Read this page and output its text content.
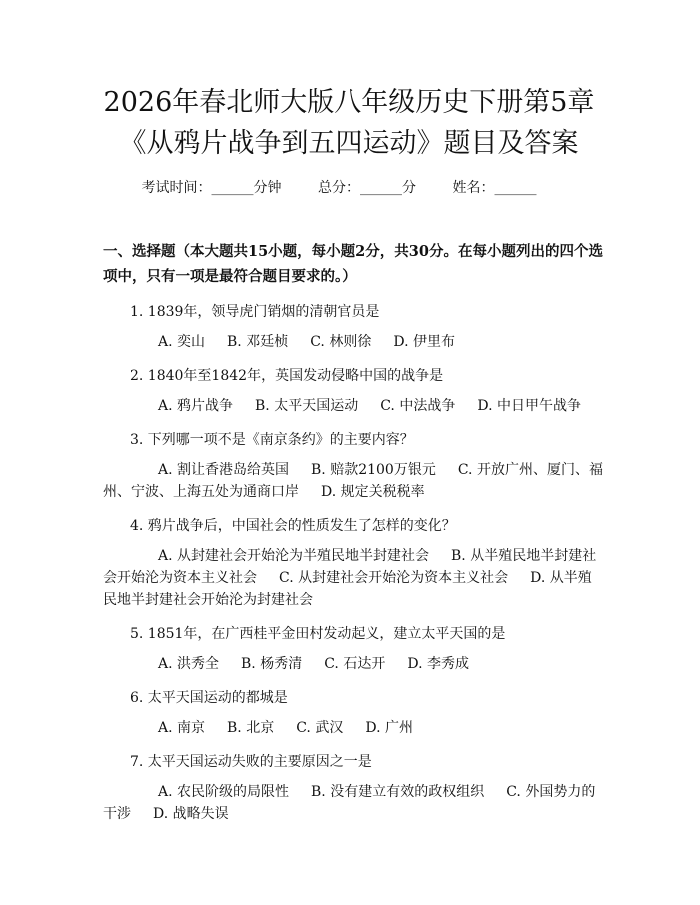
2026年春北师大版八年级历史下册第5章
《从鸦片战争到五四运动》题目及答案
考试时间：______分钟	总分：______分	姓名：______
一、选择题（本大题共15小题，每小题2分，共30分。在每小题列出的四个选项中，只有一项是最符合题目要求的。）
1. 1839年，领导虎门销烟的清朝官员是
A. 奕山 B. 邓廷桢 C. 林则徐 D. 伊里布
2. 1840年至1842年，英国发动侵略中国的战争是
A. 鸦片战争 B. 太平天国运动 C. 中法战争 D. 中日甲午战争
3. 下列哪一项不是《南京条约》的主要内容？
A. 割让香港岛给英国 B. 赔款2100万银元 C. 开放广州、厦门、福州、宁波、上海五处为通商口岸 D. 规定关税税率
4. 鸦片战争后，中国社会的性质发生了怎样的变化？
A. 从封建社会开始沦为半殖民地半封建社会 B. 从半殖民地半封建社会开始沦为资本主义社会 C. 从封建社会开始沦为资本主义社会 D. 从半殖民地半封建社会开始沦为封建社会
5. 1851年，在广西桂平金田村发动起义，建立太平天国的是
A. 洪秀全 B. 杨秀清 C. 石达开 D. 李秀成
6. 太平天国运动的都城是
A. 南京 B. 北京 C. 武汉 D. 广州
7. 太平天国运动失败的主要原因之一是
A. 农民阶级的局限性 B. 没有建立有效的政权组织 C. 外国势力的干涉 D. 战略失误
